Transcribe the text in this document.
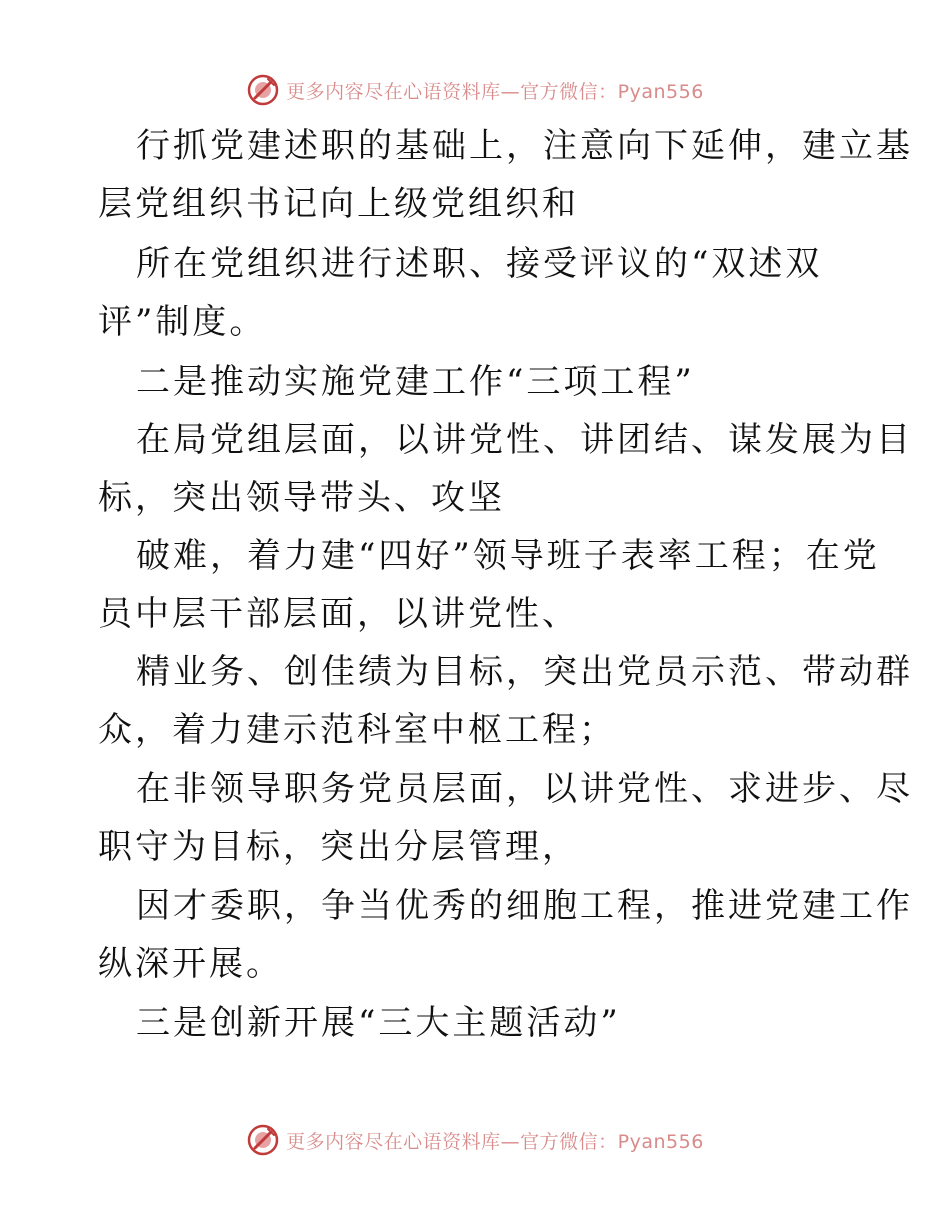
更多内容尽在心语资料库—官方微信：Pyan556
行抓党建述职的基础上，注意向下延伸，建立基
层党组织书记向上级党组织和
所在党组织进行述职、接受评议的“双述双
评”制度。
二是推动实施党建工作“三项工程”
在局党组层面，以讲党性、讲团结、谋发展为目
标，突出领导带头、攻坚
破难，着力建“四好”领导班子表率工程；在党
员中层干部层面，以讲党性、
精业务、创佳绩为目标，突出党员示范、带动群
众，着力建示范科室中枢工程；
在非领导职务党员层面，以讲党性、求进步、尽
职守为目标，突出分层管理，
因才委职，争当优秀的细胞工程，推进党建工作
纵深开展。
三是创新开展“三大主题活动”
更多内容尽在心语资料库—官方微信：Pyan556
